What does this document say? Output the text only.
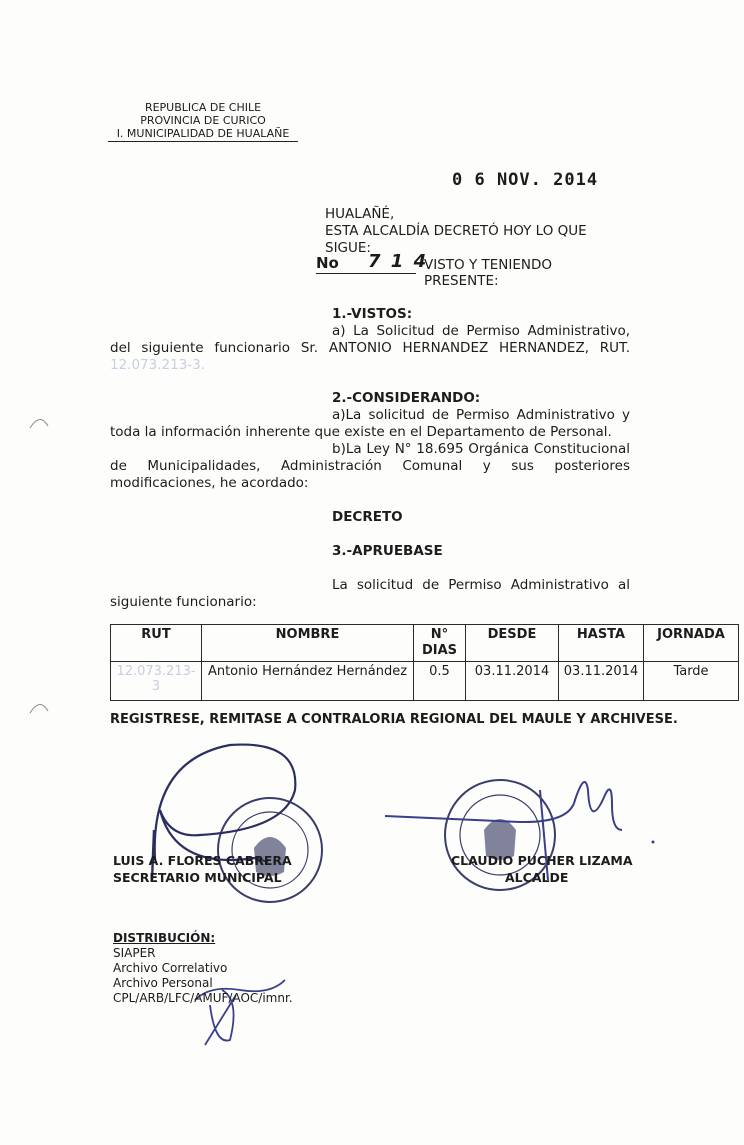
REPUBLICA DE CHILE
PROVINCIA DE CURICO
I. MUNICIPALIDAD DE HUALAÑE
0 6 NOV. 2014
HUALAÑÉ,
ESTA ALCALDÍA DECRETÓ HOY LO QUE
SIGUE:
No 7 1 4
VISTO Y TENIENDO PRESENTE:
1.-VISTOS:
a) La Solicitud de Permiso Administrativo,
del siguiente funcionario Sr. ANTONIO HERNANDEZ HERNANDEZ, RUT.
12.073.213-3.
2.-CONSIDERANDO:
a)La solicitud de Permiso Administrativo y
toda la información inherente que existe en el Departamento de Personal.
b)La Ley N° 18.695 Orgánica Constitucional
de Municipalidades, Administración Comunal y sus posteriores
modificaciones, he acordado:
DECRETO
3.-APRUEBASE
La solicitud de Permiso Administrativo al
siguiente funcionario:
RUT	NOMBRE	N° DIAS	DESDE	HASTA	JORNADA
12.073.213-3	Antonio Hernández Hernández	0.5	03.11.2014	03.11.2014	Tarde
REGISTRESE, REMITASE A CONTRALORIA REGIONAL DEL MAULE Y ARCHIVESE.
LUIS A. FLORES CABRERA
SECRETARIO MUNICIPAL
CLAUDIO PUCHER LIZAMA
ALCALDE
DISTRIBUCIÓN:
SIAPER
Archivo Correlativo
Archivo Personal
CPL/ARB/LFC/AMUF/AOC/imnr.
